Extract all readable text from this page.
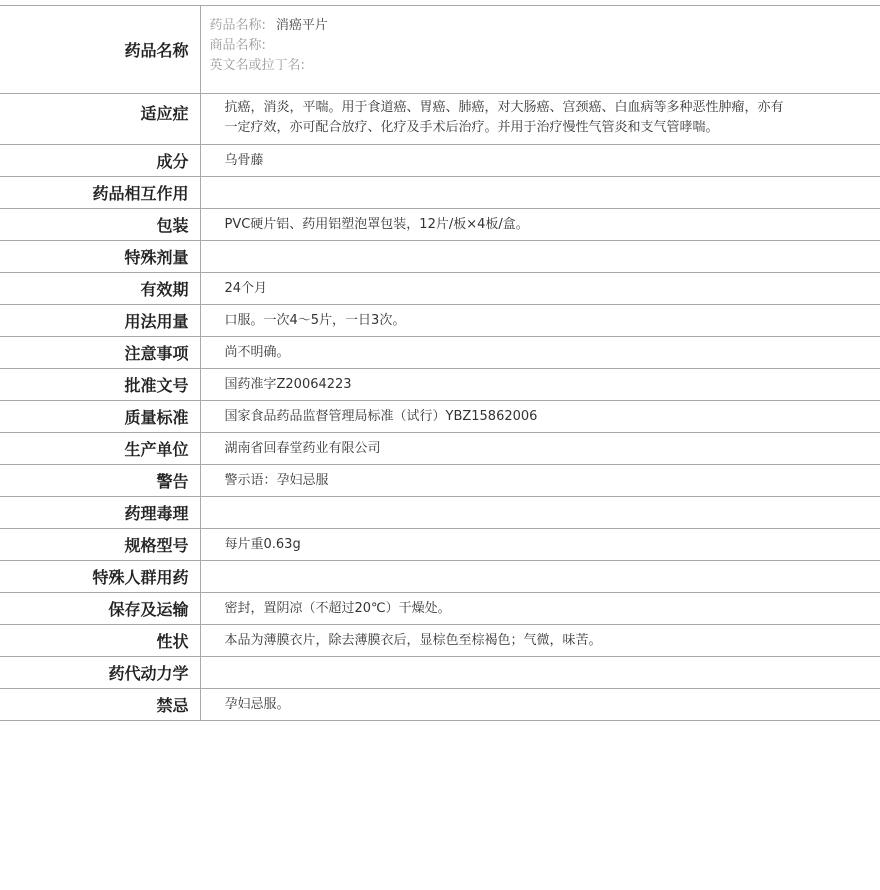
药品名称	药品名称: 消癌平片
商品名称:
英文名或拉丁名:

适应症	抗癌，消炎，平喘。用于食道癌、胃癌、肺癌，对大肠癌、宫颈癌、白血病等多种恶性肿瘤，亦有一定疗效，亦可配合放疗、化疗及手术后治疗。并用于治疗慢性气管炎和支气管哮喘。
成分	乌骨藤
药品相互作用	
包装	PVC硬片铝、药用铝塑泡罩包装，12片/板×4板/盒。
特殊剂量	
有效期	24个月
用法用量	口服。一次4～5片，一日3次。
注意事项	尚不明确。
批准文号	国药准字Z20064223
质量标准	国家食品药品监督管理局标准（试行）YBZ15862006
生产单位	湖南省回春堂药业有限公司
警告	警示语：孕妇忌服
药理毒理	
规格型号	每片重0.63g
特殊人群用药	
保存及运输	密封，置阴凉（不超过20℃）干燥处。
性状	本品为薄膜衣片，除去薄膜衣后，显棕色至棕褐色；气微，味苦。
药代动力学	
禁忌	孕妇忌服。
